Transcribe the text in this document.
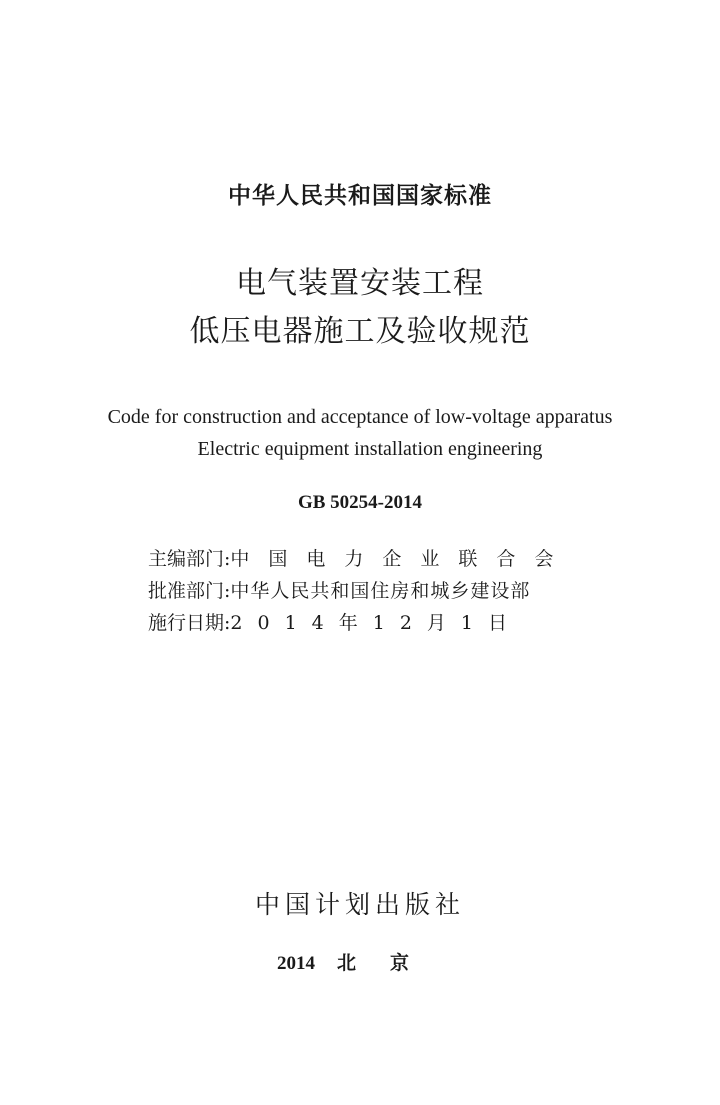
中华人民共和国国家标准
电气装置安装工程
低压电器施工及验收规范
Code for construction and acceptance of low-voltage apparatus
Electric equipment installation engineering
GB 50254-2014
主编部门:中国电力企业联合会
批准部门:中华人民共和国住房和城乡建设部
施行日期:2014年12月1日
中国计划出版社
2014 北京
